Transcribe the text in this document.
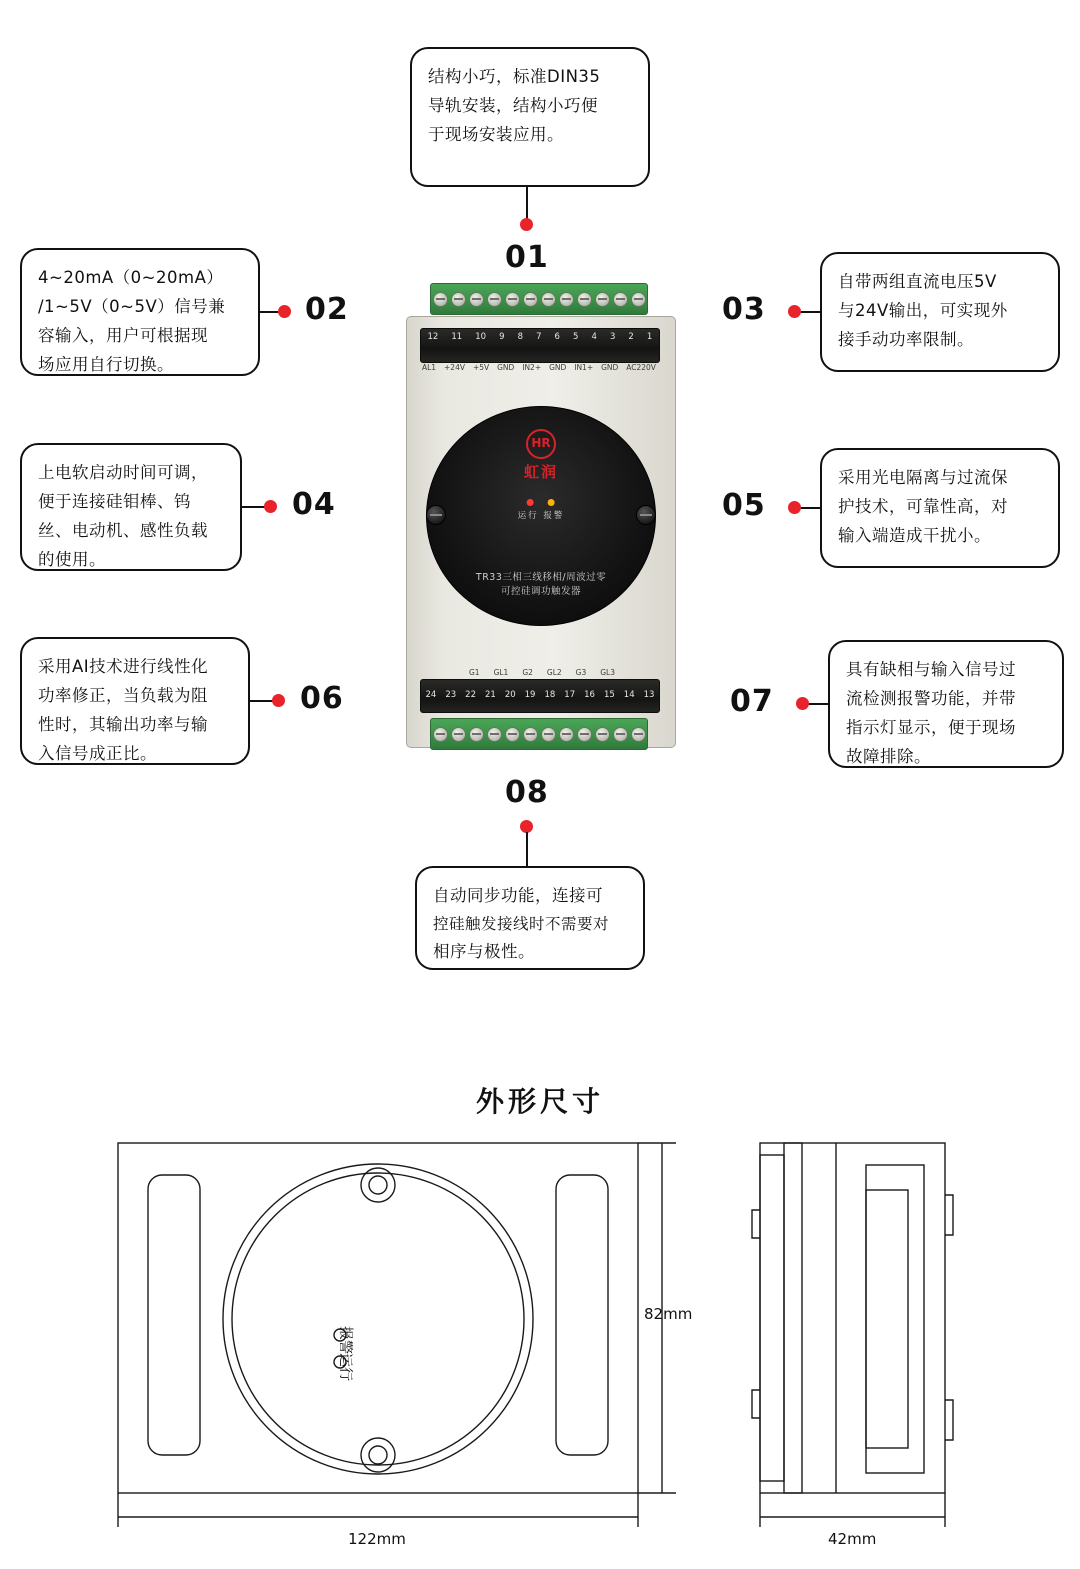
结构小巧，标准DIN35
导轨安装，结构小巧便
于现场安装应用。
01
4~20mA（0~20mA）
/1~5V（0~5V）信号兼
容输入，用户可根据现
场应用自行切换。
02
自带两组直流电压5V
与24V输出，可实现外
接手动功率限制。
03
上电软启动时间可调，
便于连接硅钼棒、钨
丝、电动机、感性负载
的使用。
04
采用光电隔离与过流保
护技术，可靠性高，对
输入端造成干扰小。
05
采用AI技术进行线性化
功率修正，当负载为阻
性时，其输出功率与输
入信号成正比。
06
具有缺相与输入信号过
流检测报警功能，并带
指示灯显示，便于现场
故障排除。
07
08
自动同步功能，连接可
控硅触发接线时不需要对
相序与极性。
12 11 10 9 8 7 6 5 4 3 2 1
AL1 +24V +5V GND IN2+ GND IN1+ GND AC220V
HR
虹润
运行 报警
TR33三相三线移相/周波过零
可控硅调功触发器
G1 GL1 G2 GL2 G3 GL3
24 23 22 21 20 19 18 17 16 15 14 13
外形尺寸
122mm
82mm
42mm
运行
报警
